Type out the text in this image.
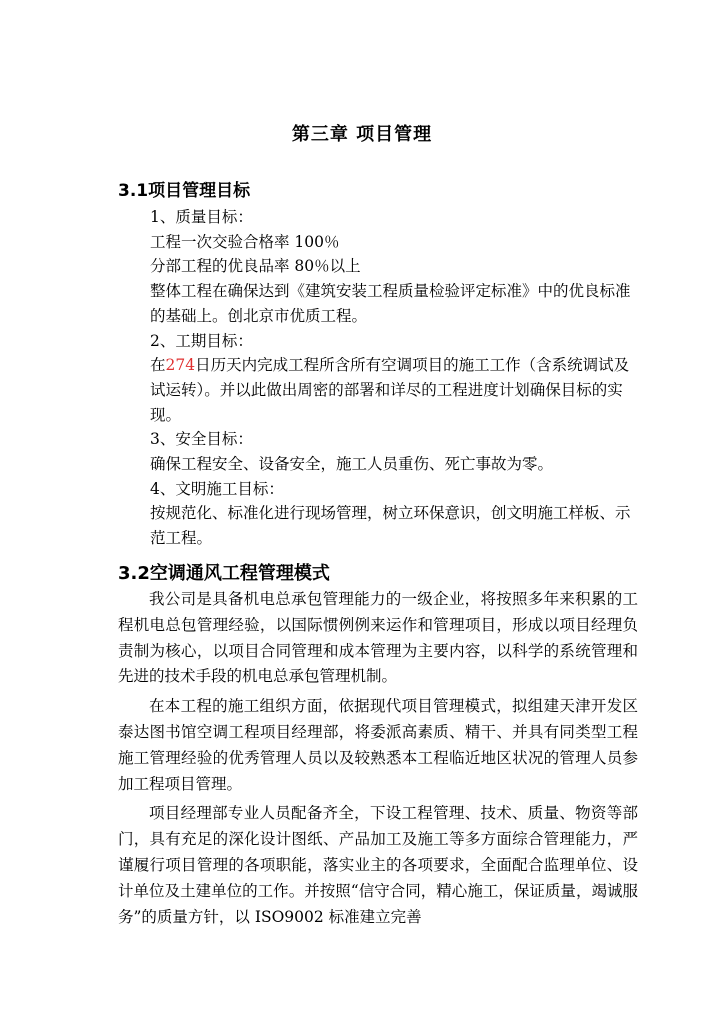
第三章 项目管理
3.1项目管理目标

1、质量目标：

工程一次交验合格率 100％

分部工程的优良品率 80％以上

整体工程在确保达到《建筑安装工程质量检验评定标准》中的优良标准的基础上。创北京市优质工程。

2、工期目标：

在274日历天内完成工程所含所有空调项目的施工工作（含系统调试及试运转）。并以此做出周密的部署和详尽的工程进度计划确保目标的实现。

3、安全目标：

确保工程安全、设备安全，施工人员重伤、死亡事故为零。

4、文明施工目标：

按规范化、标准化进行现场管理，树立环保意识，创文明施工样板、示范工程。

3.2空调通风工程管理模式

我公司是具备机电总承包管理能力的一级企业，将按照多年来积累的工程机电总包管理经验，以国际惯例例来运作和管理项目，形成以项目经理负责制为核心，以项目合同管理和成本管理为主要内容，以科学的系统管理和先进的技术手段的机电总承包管理机制。

在本工程的施工组织方面，依据现代项目管理模式，拟组建天津开发区泰达图书馆空调工程项目经理部，将委派高素质、精干、并具有同类型工程施工管理经验的优秀管理人员以及较熟悉本工程临近地区状况的管理人员参加工程项目管理。

项目经理部专业人员配备齐全，下设工程管理、技术、质量、物资等部门，具有充足的深化设计图纸、产品加工及施工等多方面综合管理能力，严谨履行项目管理的各项职能，落实业主的各项要求，全面配合监理单位、设计单位及土建单位的工作。并按照“信守合同，精心施工，保证质量，竭诚服务”的质量方针，以 ISO9002 标准建立完善
